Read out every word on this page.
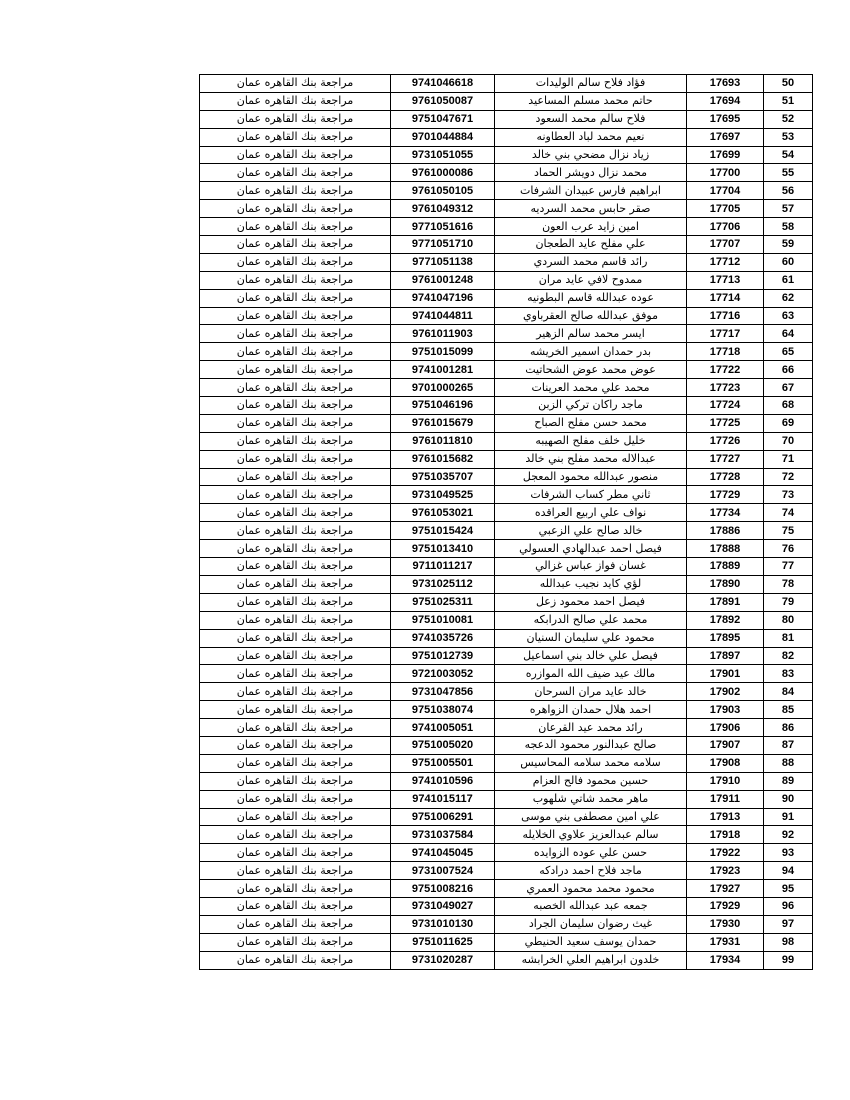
مراجعة بنك القاهره عمان	9741046618	فؤاد فلاح سالم الوليدات	17693	50
مراجعة بنك القاهره عمان	9761050087	حاتم محمد مسلم المساعيد	17694	51
مراجعة بنك القاهره عمان	9751047671	فلاح سالم محمد السعود	17695	52
مراجعة بنك القاهره عمان	9701044884	نعيم محمد لباد العطاونه	17697	53
مراجعة بنك القاهره عمان	9731051055	زياد نزال مضحي بني خالد	17699	54
مراجعة بنك القاهره عمان	9761000086	محمد نزال دويشر الحماد	17700	55
مراجعة بنك القاهره عمان	9761050105	ابراهيم فارس عبيدان الشرفات	17704	56
مراجعة بنك القاهره عمان	9761049312	صقر حابس محمد السرديه	17705	57
مراجعة بنك القاهره عمان	9771051616	امين زايد عرب العون	17706	58
مراجعة بنك القاهره عمان	9771051710	علي مفلح عايد الطعجان	17707	59
مراجعة بنك القاهره عمان	9771051138	رائد قاسم محمد السردي	17712	60
مراجعة بنك القاهره عمان	9761001248	ممدوح لافي عايد مران	17713	61
مراجعة بنك القاهره عمان	9741047196	عوده عبدالله قاسم البطونيه	17714	62
مراجعة بنك القاهره عمان	9741044811	موفق عبدالله صالح العقرباوي	17716	63
مراجعة بنك القاهره عمان	9761011903	ايسر محمد سالم الزهير	17717	64
مراجعة بنك القاهره عمان	9751015099	بدر حمدان اسمير الخريشه	17718	65
مراجعة بنك القاهره عمان	9741001281	عوض محمد عوض الشحاتيت	17722	66
مراجعة بنك القاهره عمان	9701000265	محمد علي محمد العرينات	17723	67
مراجعة بنك القاهره عمان	9751046196	ماجد راكان تركي الزبن	17724	68
مراجعة بنك القاهره عمان	9761015679	محمد حسن مفلح الصباح	17725	69
مراجعة بنك القاهره عمان	9761011810	خليل خلف مفلح الصهيبه	17726	70
مراجعة بنك القاهره عمان	9761015682	عبدالاله محمد مفلح بني خالد	17727	71
مراجعة بنك القاهره عمان	9751035707	منصور عبدالله محمود المعجل	17728	72
مراجعة بنك القاهره عمان	9731049525	ثاني مطر كساب الشرفات	17729	73
مراجعة بنك القاهره عمان	9761053021	نواف علي اربيع العراقده	17734	74
مراجعة بنك القاهره عمان	9751015424	خالد صالح علي الزعبي	17886	75
مراجعة بنك القاهره عمان	9751013410	فيصل احمد عبدالهادي العسولي	17888	76
مراجعة بنك القاهره عمان	9711011217	غسان فواز عباس غزالي	17889	77
مراجعة بنك القاهره عمان	9731025112	لؤي كايد نجيب عبدالله	17890	78
مراجعة بنك القاهره عمان	9751025311	فيصل احمد محمود زعل	17891	79
مراجعة بنك القاهره عمان	9751010081	محمد علي صالح الدرابكه	17892	80
مراجعة بنك القاهره عمان	9741035726	محمود علي سليمان السنيان	17895	81
مراجعة بنك القاهره عمان	9751012739	فيصل علي خالد بني اسماعيل	17897	82
مراجعة بنك القاهره عمان	9721003052	مالك عيد ضيف الله الموازره	17901	83
مراجعة بنك القاهره عمان	9731047856	خالد عايد مران السرحان	17902	84
مراجعة بنك القاهره عمان	9751038074	احمد هلال حمدان الزواهره	17903	85
مراجعة بنك القاهره عمان	9741005051	رائد محمد عيد القرعان	17906	86
مراجعة بنك القاهره عمان	9751005020	صالح عبدالنور محمود الدعجه	17907	87
مراجعة بنك القاهره عمان	9751005501	سلامه محمد سلامه المحاسيس	17908	88
مراجعة بنك القاهره عمان	9741010596	حسين محمود فالح العزام	17910	89
مراجعة بنك القاهره عمان	9741015117	ماهر محمد شاتي شلهوب	17911	90
مراجعة بنك القاهره عمان	9751006291	علي امين مصطفى بني موسى	17913	91
مراجعة بنك القاهره عمان	9731037584	سالم عبدالعزيز علاوي الخلايله	17918	92
مراجعة بنك القاهره عمان	9741045045	حسن علي عوده الزوايده	17922	93
مراجعة بنك القاهره عمان	9731007524	ماجد فلاح احمد درادكه	17923	94
مراجعة بنك القاهره عمان	9751008216	محمود محمد محمود العمري	17927	95
مراجعة بنك القاهره عمان	9731049027	جمعه عبد عبدالله الخصبه	17929	96
مراجعة بنك القاهره عمان	9731010130	غيث رضوان سليمان الجراد	17930	97
مراجعة بنك القاهره عمان	9751011625	حمدان يوسف سعيد الحنيطي	17931	98
مراجعة بنك القاهره عمان	9731020287	خلدون ابراهيم العلي الخرابشه	17934	99
